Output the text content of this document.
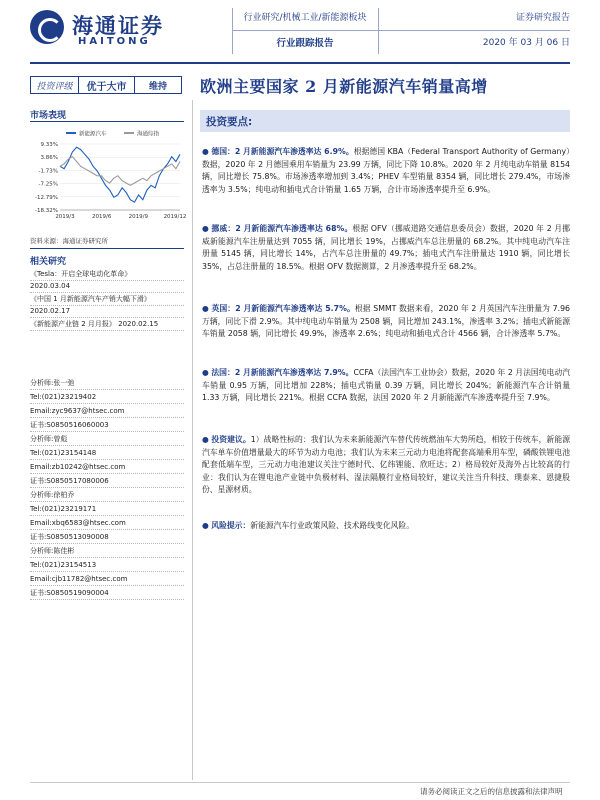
海通证券
HAITONG
行业研究/机械工业/新能源板块
行业跟踪报告
证券研究报告
2020 年 03 月 06 日
投资评级	优于大市	维持	欧洲主要国家 2 月新能源汽车销量高增
市场表现
新能源汽车	海通综指
9.33%
3.86%
-1.73%
-7.25%
-12.79%
-18.32%
2019/3	2019/6	2019/9	2019/12
资料来源：海通证券研究所
相关研究
《Tesla：开启全球电动化革命》
2020.03.04
《中国 1 月新能源汽车产销大幅下滑》
2020.02.17
《新能源产业链 2 月月报》 2020.02.15
分析师:张一弛
Tel:(021)23219402
Email:zyc9637@htsec.com
证书:S0850516060003
分析师:曾彪
Tel:(021)23154148
Email:zb10242@htsec.com
证书:S0850517080006
分析师:徐柏乔
Tel:(021)23219171
Email:xbq6583@htsec.com
证书:S0850513090008
分析师:陈佳彬
Tel:(021)23154513
Email:cjb11782@htsec.com
证书:S0850519090004
投资要点:
● 德国：2 月新能源汽车渗透率达 6.9%。根据德国 KBA（Federal Transport Authority of Germany）数据，2020 年 2 月德国乘用车销量为 23.99 万辆，同比下降 10.8%。2020 年 2 月纯电动车销量 8154 辆，同比增长 75.8%。市场渗透率增加到 3.4%；PHEV 车型销量 8354 辆，同比增长 279.4%，市场渗透率为 3.5%；纯电动和插电式合计销量 1.65 万辆，合计市场渗透率提升至 6.9%。
● 挪威：2 月新能源汽车渗透率达 68%。根据 OFV（挪威道路交通信息委员会）数据，2020 年 2 月挪威新能源汽车注册量达到 7055 辆，同比增长 19%，占挪威汽车总注册量的 68.2%。其中纯电动汽车注册量 5145 辆，同比增长 14%，占汽车总注册量的 49.7%；插电式汽车注册量达 1910 辆，同比增长 35%，占总注册量的 18.5%。根据 OFV 数据测算，2 月渗透率提升至 68.2%。
● 英国：2 月新能源汽车渗透率达 5.7%。根据 SMMT 数据来看，2020 年 2 月英国汽车注册量为 7.96 万辆，同比下滑 2.9%。其中纯电动车销量为 2508 辆，同比增加 243.1%，渗透率 3.2%；插电式新能源车销量 2058 辆，同比增长 49.9%，渗透率 2.6%；纯电动和插电式合计 4566 辆，合计渗透率 5.7%。
● 法国：2 月新能源汽车渗透率达 7.9%。CCFA（法国汽车工业协会）数据，2020 年 2 月法国纯电动汽车销量 0.95 万辆，同比增加 228%；插电式销量 0.39 万辆，同比增长 204%；新能源汽车合计销量 1.33 万辆，同比增长 221%。根据 CCFA 数据，法国 2020 年 2 月新能源汽车渗透率提升至 7.9%。
● 投资建议。1）战略性标的：我们认为未来新能源汽车替代传统燃油车大势所趋，相较于传统车，新能源汽车单车价值增量最大的环节为动力电池；我们认为未来三元动力电池将配套高端乘用车型，磷酸铁锂电池配套低端车型，三元动力电池建议关注宁德时代、亿纬锂能、欣旺达；2）格局较好及海外占比较高的行业：我们认为在锂电池产业链中负极材料、湿法隔膜行业格局较好，建议关注当升科技、璞泰来、恩捷股份、星源材质。
● 风险提示：新能源汽车行业政策风险、技术路线变化风险。
请务必阅读正文之后的信息披露和法律声明
